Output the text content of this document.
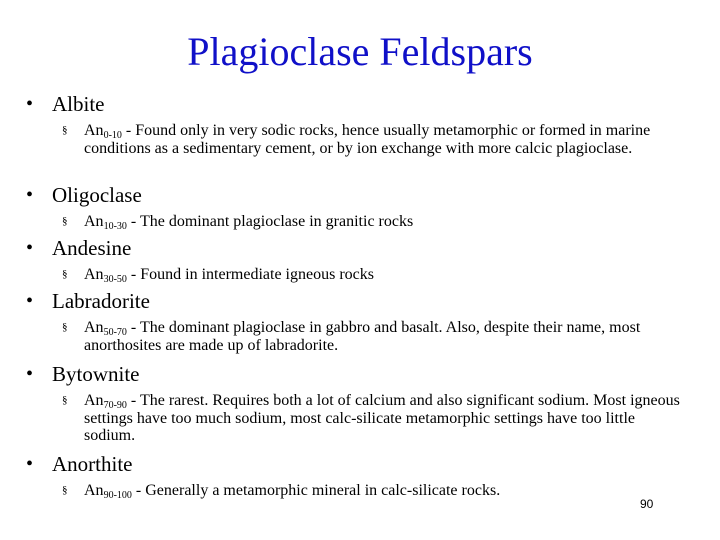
Plagioclase Feldspars
• Albite
§	$An_{0-10}$ - Found only in very sodic rocks, hence usually metamorphic or formed in marine conditions as a sedimentary cement, or by ion exchange with more calcic plagioclase.
• Oligoclase
§	$An_{10-30}$ - The dominant plagioclase in granitic rocks
• Andesine
§	$An_{30-50}$ - Found in intermediate igneous rocks
• Labradorite
§	$An_{50-70}$ - The dominant plagioclase in gabbro and basalt. Also, despite their name, most anorthosites are made up of labradorite.
• Bytownite
§	$An_{70-90}$ - The rarest. Requires both a lot of calcium and also significant sodium. Most igneous settings have too much sodium, most calc-silicate metamorphic settings have too little sodium.
• Anorthite
§	$An_{90-100}$ - Generally a metamorphic mineral in calc-silicate rocks.
90
